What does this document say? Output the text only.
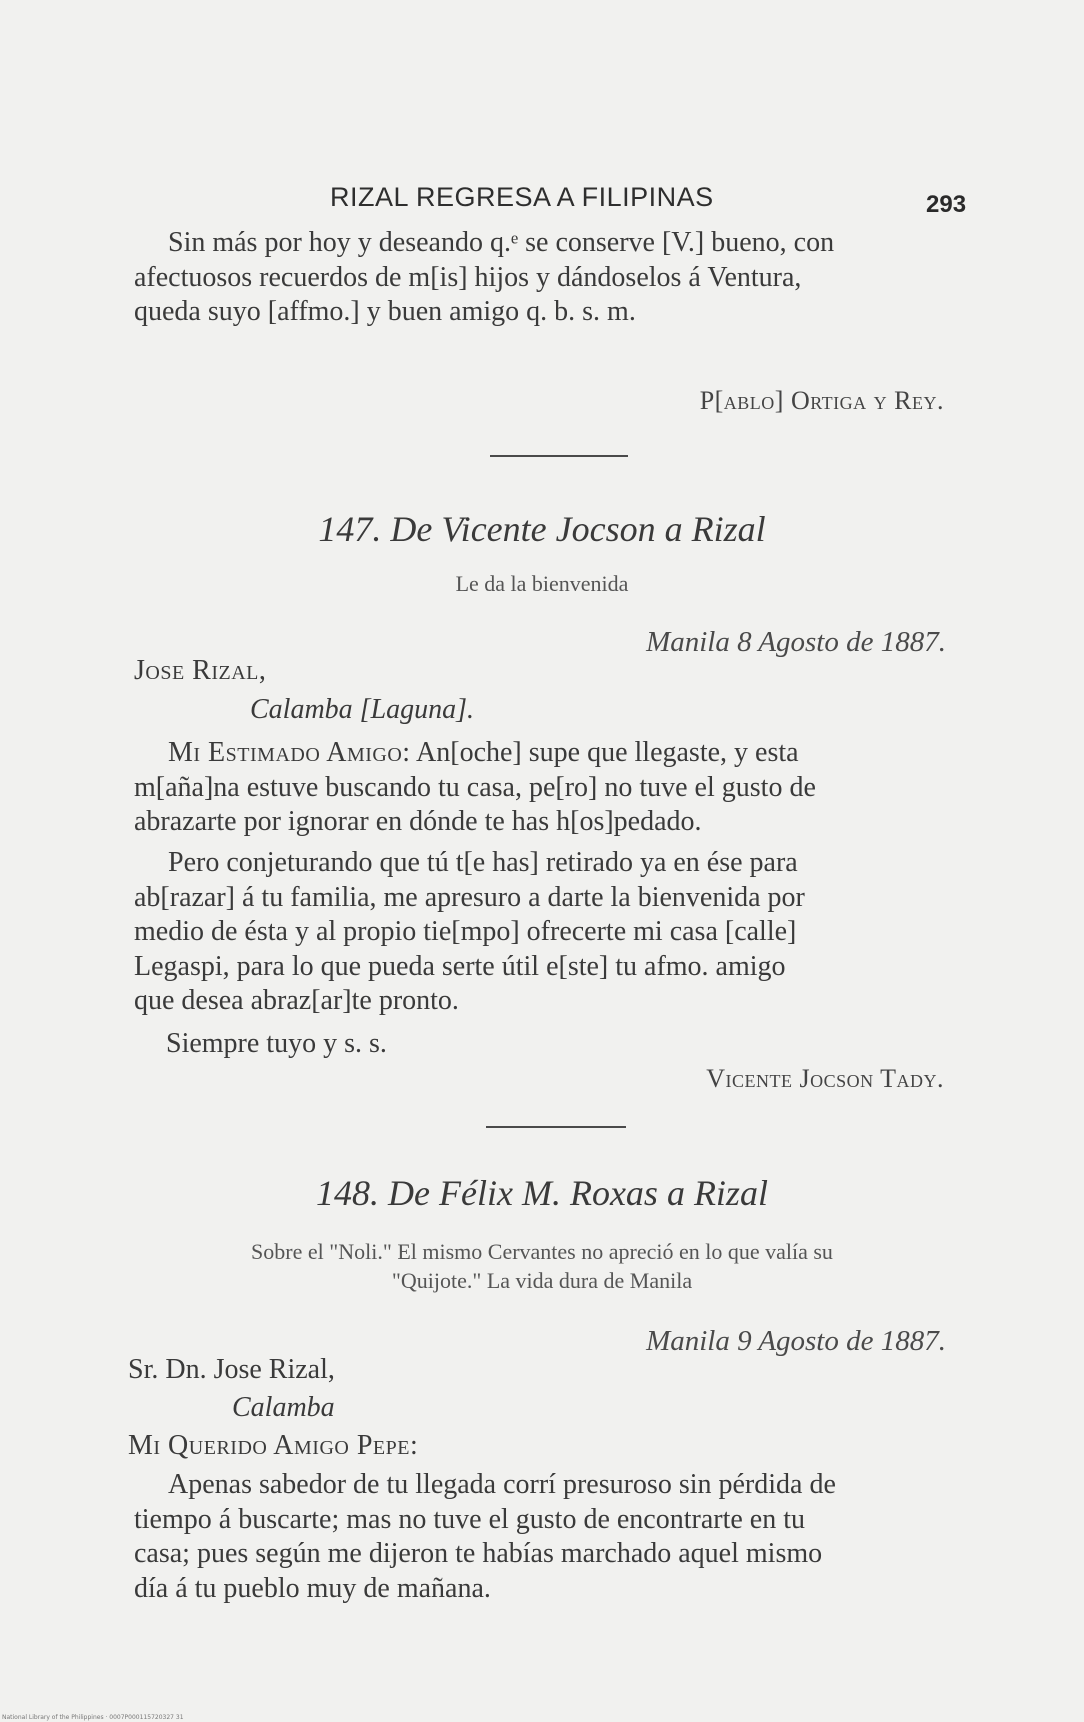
RIZAL REGRESA A FILIPINAS	293
Sin más por hoy y deseando q.ᵉ se conserve [V.] bueno, con
afectuosos recuerdos de m[is] hijos y dándoselos á Ventura,
queda suyo [affmo.] y buen amigo q. b. s. m.
P[ablo] Ortiga y Rey.
147. De Vicente Jocson a Rizal
Le da la bienvenida
Manila 8 Agosto de 1887.
Jose Rizal,
Calamba [Laguna].
Mi Estimado Amigo: An[oche] supe que llegaste, y esta
m[aña]na estuve buscando tu casa, pe[ro] no tuve el gusto de
abrazarte por ignorar en dónde te has h[os]pedado.
Pero conjeturando que tú t[e has] retirado ya en ése para
ab[razar] á tu familia, me apresuro a darte la bienvenida por
medio de ésta y al propio tie[mpo] ofrecerte mi casa [calle]
Legaspi, para lo que pueda serte útil e[ste] tu afmo. amigo
que desea abraz[ar]te pronto.
Siempre tuyo y s. s.
Vicente Jocson Tady.
148. De Félix M. Roxas a Rizal
Sobre el "Noli." El mismo Cervantes no apreció en lo que valía su
"Quijote." La vida dura de Manila
Manila 9 Agosto de 1887.
Sr. Dn. Jose Rizal,
Calamba
Mi Querido Amigo Pepe:
Apenas sabedor de tu llegada corrí presuroso sin pérdida de
tiempo á buscarte; mas no tuve el gusto de encontrarte en tu
casa; pues según me dijeron te habías marchado aquel mismo
día á tu pueblo muy de mañana.
National Library of the Philippines · 0007P000115720327 31
